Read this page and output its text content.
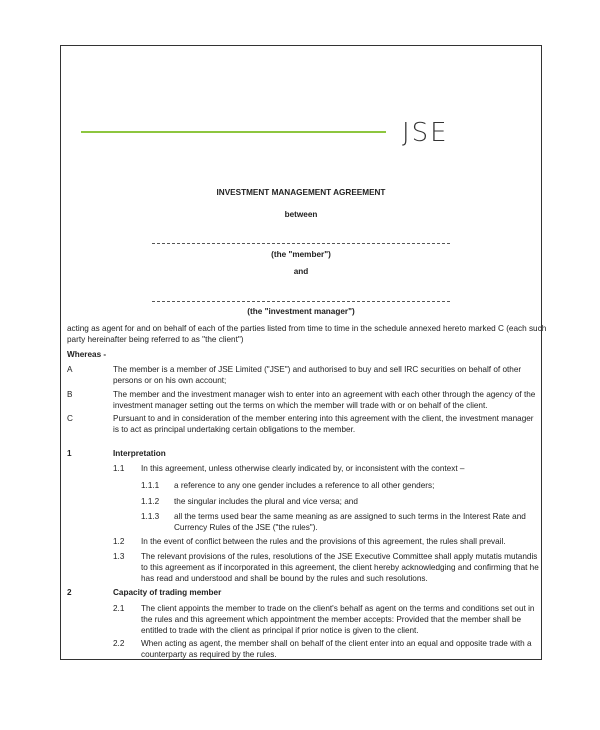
JSE
INVESTMENT MANAGEMENT AGREEMENT
between
(the "member")
and
(the "investment manager")
acting as agent for and on behalf of each of the parties listed from time to time in the schedule annexed hereto marked C (each such
party hereinafter being referred to as "the client")
Whereas -
A	The member is a member of JSE Limited ("JSE") and authorised to buy and sell IRC securities on behalf of other
persons or on his own account;
B	The member and the investment manager wish to enter into an agreement with each other through the agency of the
investment manager setting out the terms on which the member will trade with or on behalf of the client.
C	Pursuant to and in consideration of the member entering into this agreement with the client, the investment manager
is to act as principal undertaking certain obligations to the member.
1	Interpretation
1.1 In this agreement, unless otherwise clearly indicated by, or inconsistent with the context –
1.1.1 a reference to any one gender includes a reference to all other genders;
1.1.2 the singular includes the plural and vice versa; and
1.1.3 all the terms used bear the same meaning as are assigned to such terms in the Interest Rate and
Currency Rules of the JSE ("the rules").
1.2 In the event of conflict between the rules and the provisions of this agreement, the rules shall prevail.
1.3 The relevant provisions of the rules, resolutions of the JSE Executive Committee shall apply mutatis mutandis
to this agreement as if incorporated in this agreement, the client hereby acknowledging and confirming that he
has read and understood and shall be bound by the rules and such resolutions.
2	Capacity of trading member
2.1 The client appoints the member to trade on the client's behalf as agent on the terms and conditions set out in
the rules and this agreement which appointment the member accepts: Provided that the member shall be
entitled to trade with the client as principal if prior notice is given to the client.
2.2 When acting as agent, the member shall on behalf of the client enter into an equal and opposite trade with a
counterparty as required by the rules.
